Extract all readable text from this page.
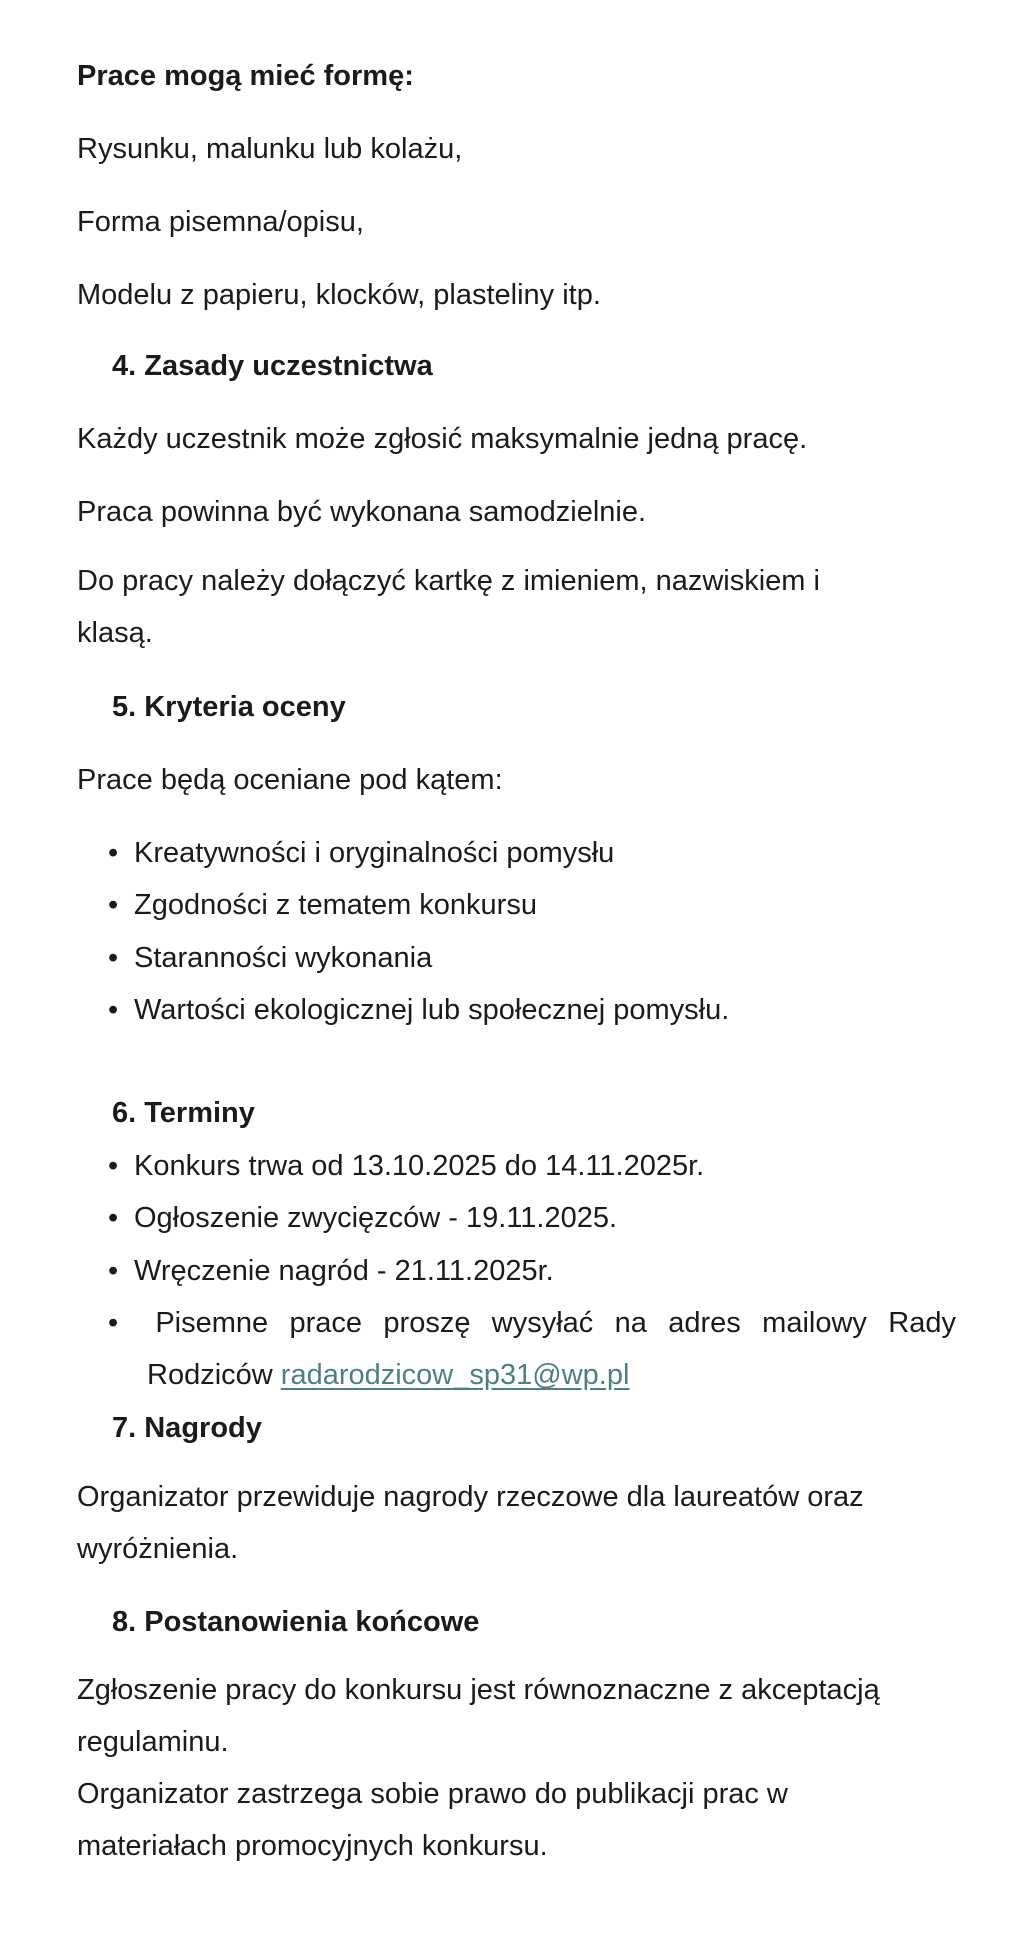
Prace mogą mieć formę:

Rysunku, malunku lub kolażu,

Forma pisemna/opisu,

Modelu z papieru, klocków, plasteliny itp.

4. Zasady uczestnictwa

Każdy uczestnik może zgłosić maksymalnie jedną pracę.

Praca powinna być wykonana samodzielnie.

Do pracy należy dołączyć kartkę z imieniem, nazwiskiem i klasą.

5. Kryteria oceny

Prace będą oceniane pod kątem:

• Kreatywności i oryginalności pomysłu

• Zgodności z tematem konkursu

• Staranności wykonania

• Wartości ekologicznej lub społecznej pomysłu.

6. Terminy

• Konkurs trwa od 13.10.2025 do 14.11.2025r.

• Ogłoszenie zwycięzców - 19.11.2025.

• Wręczenie nagród - 21.11.2025r.

•	Pisemne prace proszę wysyłać na adres mailowy Rady

Rodziców radarodzicow_sp31@wp.pl

7. Nagrody

Organizator przewiduje nagrody rzeczowe dla laureatów oraz wyróżnienia.

8. Postanowienia końcowe

Zgłoszenie pracy do konkursu jest równoznaczne z akceptacją regulaminu.

Organizator zastrzega sobie prawo do publikacji prac w materiałach promocyjnych konkursu.
